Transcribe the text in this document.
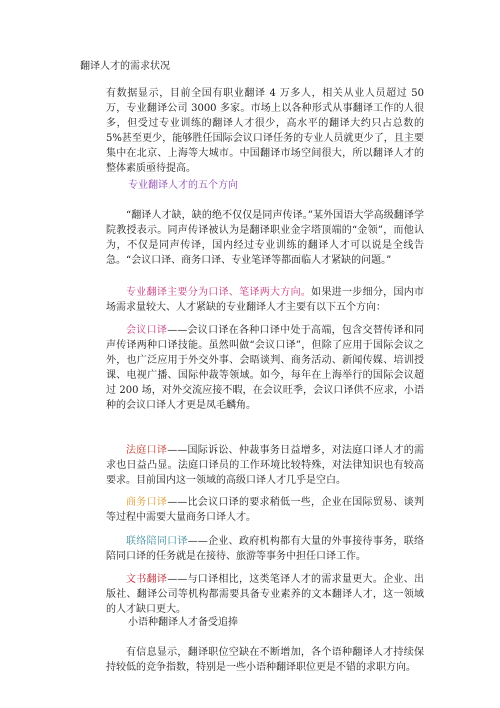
翻译人才的需求状况

有数据显示，目前全国有职业翻译 4 万多人，相关从业人员超过 50 万，专业翻译公司 3000 多家。市场上以各种形式从事翻译工作的人很多，但受过专业训练的翻译人才很少，高水平的翻译大约只占总数的 5%甚至更少，能够胜任国际会议口译任务的专业人员就更少了，且主要集中在北京、上海等大城市。中国翻译市场空间很大，所以翻译人才的整体素质亟待提高。

专业翻译人才的五个方向

“翻译人才缺，缺的绝不仅仅是同声传译。”某外国语大学高级翻译学院教授表示。同声传译被认为是翻译职业金字塔顶端的“金领”，而他认为，不仅是同声传译，国内经过专业训练的翻译人才可以说是全线告急。“会议口译、商务口译、专业笔译等都面临人才紧缺的问题。”

专业翻译主要分为口译、笔译两大方向。如果进一步细分，国内市场需求量较大、人才紧缺的专业翻译人才主要有以下五个方向：

会议口译——会议口译在各种口译中处于高端，包含交替传译和同声传译两种口译技能。虽然叫做“会议口译”，但除了应用于国际会议之外，也广泛应用于外交外事、会晤谈判、商务活动、新闻传媒、培训授课、电视广播、国际仲裁等领域。如今，每年在上海举行的国际会议超过 200 场，对外交流应接不暇，在会议旺季，会议口译供不应求，小语种的会议口译人才更是凤毛麟角。

法庭口译——国际诉讼、仲裁事务日益增多，对法庭口译人才的需求也日益凸显。法庭口译员的工作环境比较特殊，对法律知识也有较高要求。目前国内这一领域的高级口译人才几乎是空白。

商务口译——比会议口译的要求稍低一些，企业在国际贸易、谈判等过程中需要大量商务口译人才。

联络陪同口译——企业、政府机构都有大量的外事接待事务，联络陪同口译的任务就是在接待、旅游等事务中担任口译工作。

文书翻译——与口译相比，这类笔译人才的需求量更大。企业、出版社、翻译公司等机构都需要具备专业素养的文本翻译人才，这一领域的人才缺口更大。

小语种翻译人才备受追捧

有信息显示，翻译职位空缺在不断增加，各个语种翻译人才持续保持较低的竞争指数，特别是一些小语种翻译职位更是不错的求职方向。
